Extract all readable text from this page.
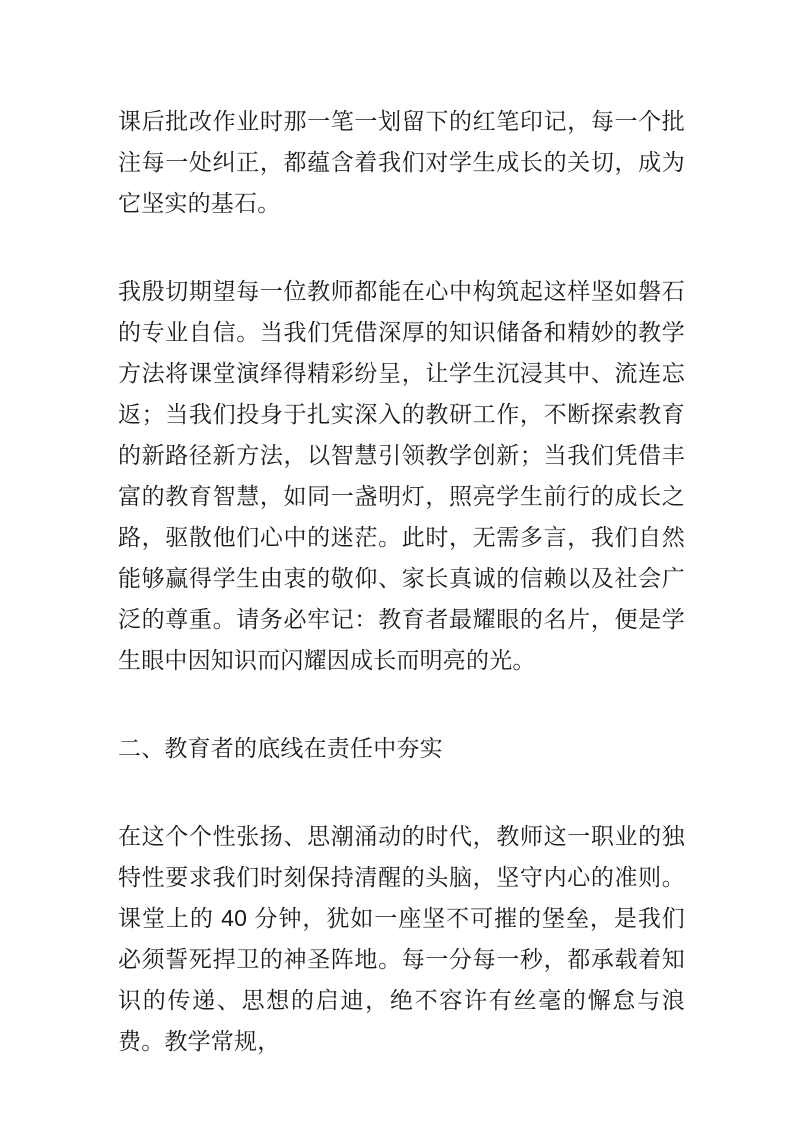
课后批改作业时那一笔一划留下的红笔印记，每一个批注每一处纠正，都蕴含着我们对学生成长的关切，成为它坚实的基石。

我殷切期望每一位教师都能在心中构筑起这样坚如磐石的专业自信。当我们凭借深厚的知识储备和精妙的教学方法将课堂演绎得精彩纷呈，让学生沉浸其中、流连忘返；当我们投身于扎实深入的教研工作，不断探索教育的新路径新方法，以智慧引领教学创新；当我们凭借丰富的教育智慧，如同一盏明灯，照亮学生前行的成长之路，驱散他们心中的迷茫。此时，无需多言，我们自然能够赢得学生由衷的敬仰、家长真诚的信赖以及社会广泛的尊重。请务必牢记：教育者最耀眼的名片，便是学生眼中因知识而闪耀因成长而明亮的光。

二、教育者的底线在责任中夯实

在这个个性张扬、思潮涌动的时代，教师这一职业的独特性要求我们时刻保持清醒的头脑，坚守内心的准则。课堂上的 40 分钟，犹如一座坚不可摧的堡垒，是我们必须誓死捍卫的神圣阵地。每一分每一秒，都承载着知识的传递、思想的启迪，绝不容许有丝毫的懈怠与浪费。教学常规，
